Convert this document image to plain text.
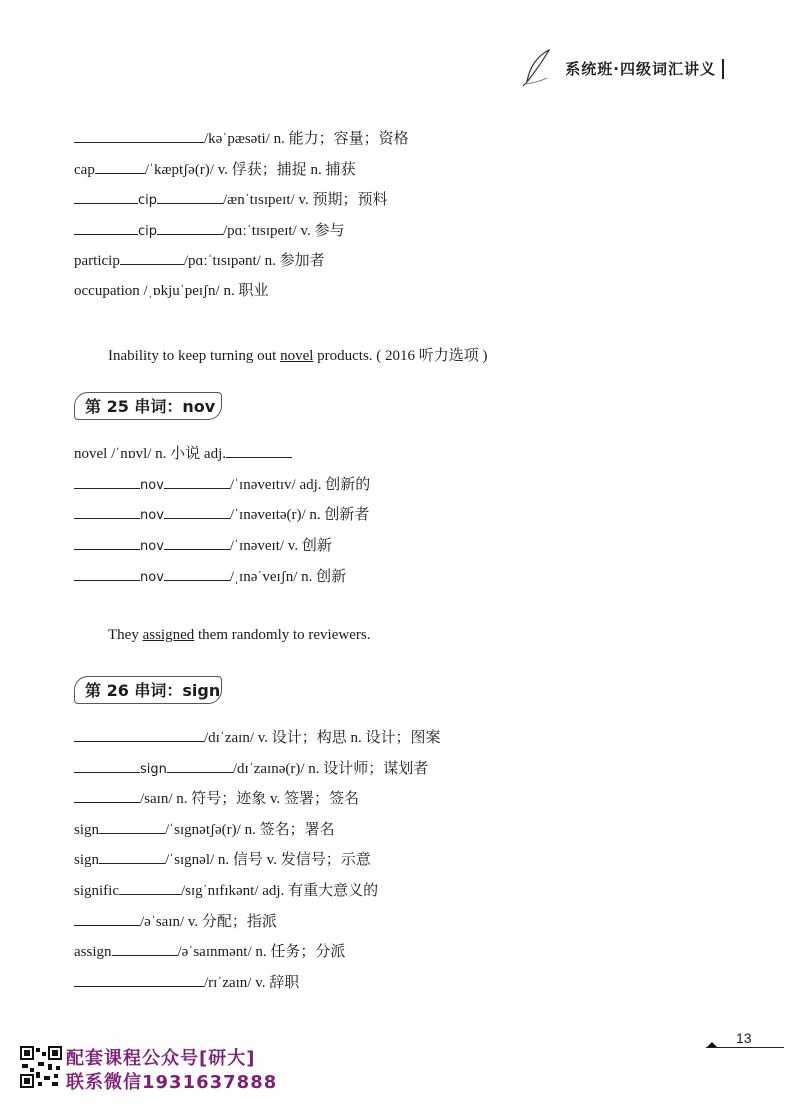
系统班·四级词汇讲义
/kəˈpæsəti/ n. 能力；容量；资格
cap	/ˈkæptʃə(r)/ v. 俘获；捕捉 n. 捕获
cip	/ænˈtɪsɪpeɪt/ v. 预期；预料
cip	/pɑːˈtɪsɪpeɪt/ v. 参与
particip	/pɑːˈtɪsɪpənt/ n. 参加者
occupation /ˌɒkjuˈpeɪʃn/ n. 职业
Inability to keep turning out novel products. ( 2016 听力选项 )
第 25 串词：nov
novel /ˈnɒvl/ n. 小说 adj.
nov	/ˈɪnəveɪtɪv/ adj. 创新的
nov	/ˈɪnəveɪtə(r)/ n. 创新者
nov	/ˈɪnəveɪt/ v. 创新
nov	/ˌɪnəˈveɪʃn/ n. 创新
They assigned them randomly to reviewers.
第 26 串词：sign
/dɪˈzaɪn/ v. 设计；构思 n. 设计；图案
sign	/dɪˈzaɪnə(r)/ n. 设计师；谋划者
/saɪn/ n. 符号；迹象 v. 签署；签名
sign	/ˈsɪgnətʃə(r)/ n. 签名；署名
sign	/ˈsɪgnəl/ n. 信号 v. 发信号；示意
signific	/sɪgˈnɪfɪkənt/ adj. 有重大意义的
/əˈsaɪn/ v. 分配；指派
assign	/əˈsaɪnmənt/ n. 任务；分派
/rɪˈzaɪn/ v. 辞职
13
配套课程公众号[研大]
联系微信1931637888
